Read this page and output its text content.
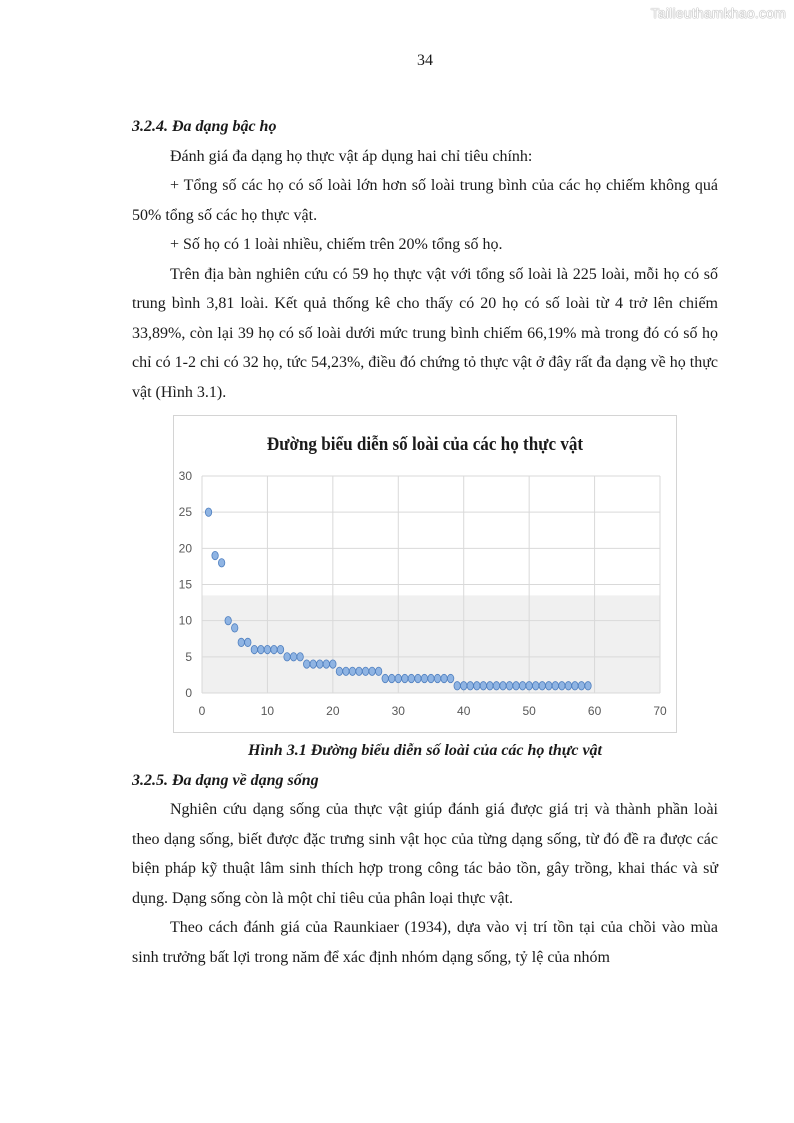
Tailieuthamkhao.com
34
3.2.4. Đa dạng bậc họ

Đánh giá đa dạng họ thực vật áp dụng hai chỉ tiêu chính:

+ Tổng số các họ có số loài lớn hơn số loài trung bình của các họ chiếm không quá 50% tổng số các họ thực vật.

+ Số họ có 1 loài nhiều, chiếm trên 20% tổng số họ.

Trên địa bàn nghiên cứu có 59 họ thực vật với tổng số loài là 225 loài, mỗi họ có số trung bình 3,81 loài. Kết quả thống kê cho thấy có 20 họ có số loài từ 4 trở lên chiếm 33,89%, còn lại 39 họ có số loài dưới mức trung bình chiếm 66,19% mà trong đó có số họ chỉ có 1-2 chi có 32 họ, tức 54,23%, điều đó chứng tỏ thực vật ở đây rất đa dạng về họ thực vật (Hình 3.1).

Đường biểu diễn số loài của các họ thực vật
0
5
10
15
20
25
30
0	10	20	30	40	50	60	70
Hình 3.1 Đường biểu diễn số loài của các họ thực vật
3.2.5. Đa dạng về dạng sống

Nghiên cứu dạng sống của thực vật giúp đánh giá được giá trị và thành phần loài theo dạng sống, biết được đặc trưng sinh vật học của từng dạng sống, từ đó đề ra được các biện pháp kỹ thuật lâm sinh thích hợp trong công tác bảo tồn, gây trồng, khai thác và sử dụng. Dạng sống còn là một chỉ tiêu của phân loại thực vật.

Theo cách đánh giá của Raunkiaer (1934), dựa vào vị trí tồn tại của chồi vào mùa sinh trưởng bất lợi trong năm để xác định nhóm dạng sống, tỷ lệ của nhóm
